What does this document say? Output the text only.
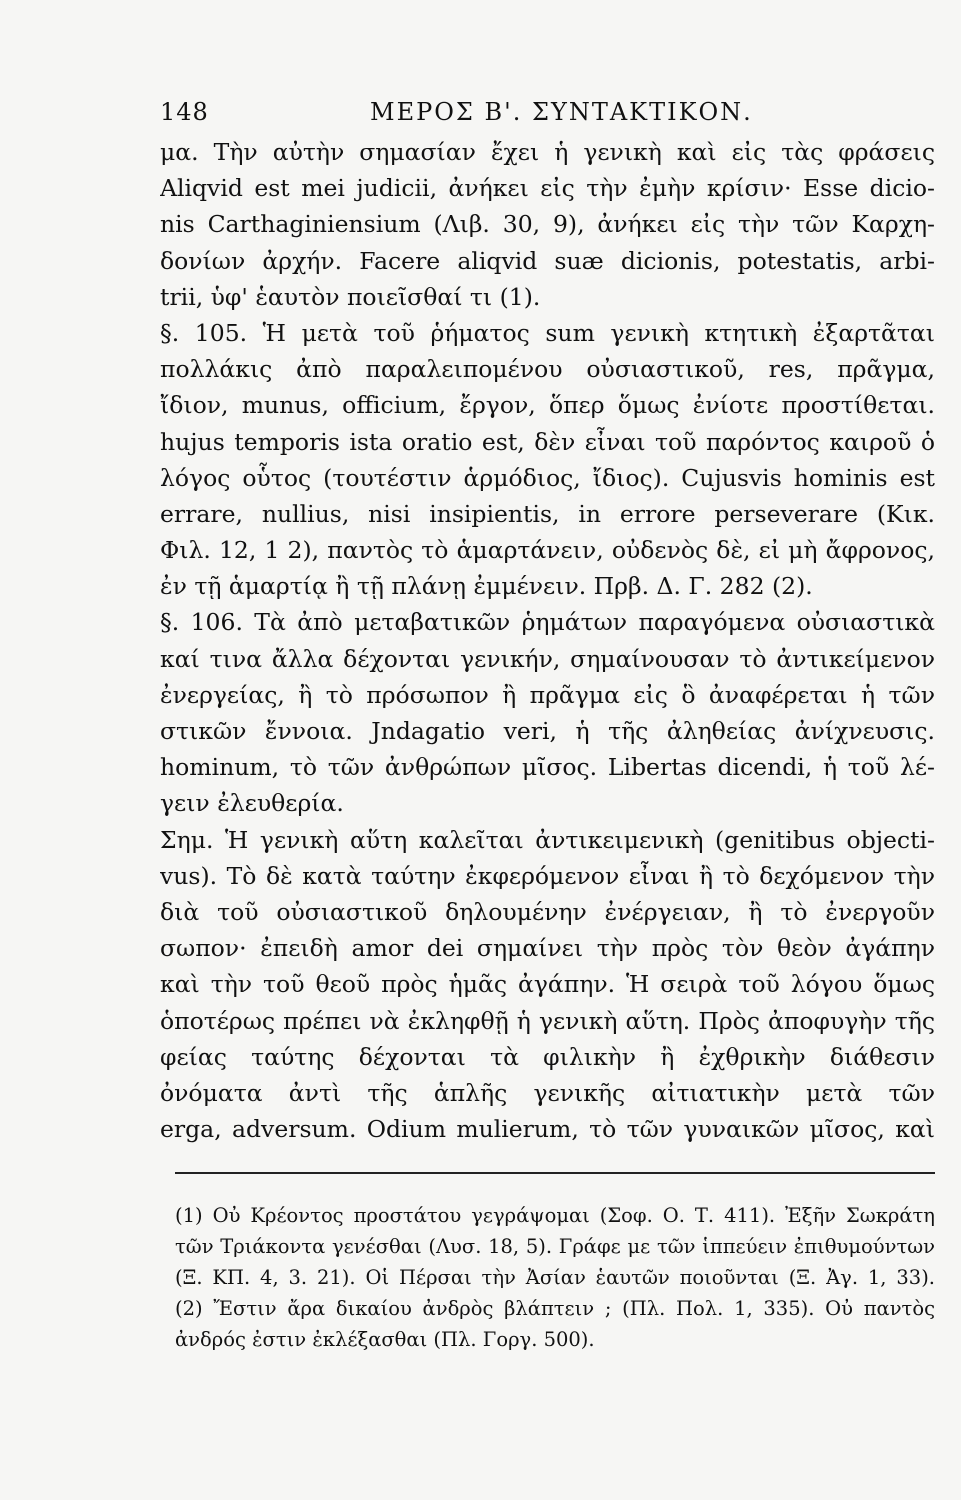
148	ΜΕΡΟΣ Β'. ΣΥΝΤΑΚΤΙΚΟΝ.
μα. Τὴν αὐτὴν σημασίαν ἔχει ἡ γενικὴ καὶ εἰς τὰς φράσεις
Aliqvid est mei judicii, ἀνήκει εἰς τὴν ἐμὴν κρίσιν· Esse dicio-
nis Carthaginiensium (Λιβ. 30, 9), ἀνήκει εἰς τὴν τῶν Καρχη-
δονίων ἀρχήν. Facere aliqvid suæ dicionis, potestatis, arbi-
trii, ὑφ' ἑαυτὸν ποιεῖσθαί τι (1).
§. 105. Ἡ μετὰ τοῦ ῥήματος sum γενικὴ κτητικὴ ἐξαρτᾶται
πολλάκις ἀπὸ παραλειπομένου οὐσιαστικοῦ, res, πρᾶγμα,
ἴδιον, munus, officium, ἔργον, ὅπερ ὅμως ἐνίοτε προστίθεται.
hujus temporis ista oratio est, δὲν εἶναι τοῦ παρόντος καιροῦ ὁ
λόγος οὗτος (τουτέστιν ἁρμόδιος, ἴδιος). Cujusvis hominis est
errare, nullius, nisi insipientis, in errore perseverare (Κικ.
Φιλ. 12, 1 2), παντὸς τὸ ἁμαρτάνειν, οὐδενὸς δὲ, εἰ μὴ ἄφρονος,
ἐν τῇ ἁμαρτίᾳ ἢ τῇ πλάνῃ ἐμμένειν. Πρβ. Δ. Γ. 282 (2).
§. 106. Τὰ ἀπὸ μεταβατικῶν ῥημάτων παραγόμενα οὐσιαστικὰ
καί τινα ἄλλα δέχονται γενικήν, σημαίνουσαν τὸ ἀντικείμενον
ἐνεργείας, ἢ τὸ πρόσωπον ἢ πρᾶγμα εἰς ὃ ἀναφέρεται ἡ τῶν
στικῶν ἔννοια. Jndagatio veri, ἡ τῆς ἀληθείας ἀνίχνευσις.
hominum, τὸ τῶν ἀνθρώπων μῖσος. Libertas dicendi, ἡ τοῦ λέ-
γειν ἐλευθερία.
Σημ. Ἡ γενικὴ αὕτη καλεῖται ἀντικειμενικὴ (genitibus objecti-
vus). Τὸ δὲ κατὰ ταύτην ἐκφερόμενον εἶναι ἢ τὸ δεχόμενον τὴν
διὰ τοῦ οὐσιαστικοῦ δηλουμένην ἐνέργειαν, ἢ τὸ ἐνεργοῦν
σωπον· ἐπειδὴ amor dei σημαίνει τὴν πρὸς τὸν θεὸν ἀγάπην
καὶ τὴν τοῦ θεοῦ πρὸς ἡμᾶς ἀγάπην. Ἡ σειρὰ τοῦ λόγου ὅμως
ὁποτέρως πρέπει νὰ ἐκληφθῇ ἡ γενικὴ αὕτη. Πρὸς ἀποφυγὴν τῆς
φείας ταύτης δέχονται τὰ φιλικὴν ἢ ἐχθρικὴν διάθεσιν
ὀνόματα ἀντὶ τῆς ἁπλῆς γενικῆς αἰτιατικὴν μετὰ τῶν
erga, adversum. Odium mulierum, τὸ τῶν γυναικῶν μῖσος, καὶ
(1) Οὐ Κρέοντος προστάτου γεγράψομαι (Σοφ. Ο. Τ. 411). Ἐξῆν Σωκράτη
τῶν Τριάκοντα γενέσθαι (Λυσ. 18, 5). Γράφε με τῶν ἱππεύειν ἐπιθυμούντων
(Ξ. ΚΠ. 4, 3. 21). Οἱ Πέρσαι τὴν Ἀσίαν ἑαυτῶν ποιοῦνται (Ξ. Ἀγ. 1, 33).
(2) Ἔστιν ἄρα δικαίου ἀνδρὸς βλάπτειν ; (Πλ. Πολ. 1, 335). Οὐ παντὸς
ἀνδρός ἐστιν ἐκλέξασθαι (Πλ. Γοργ. 500).
